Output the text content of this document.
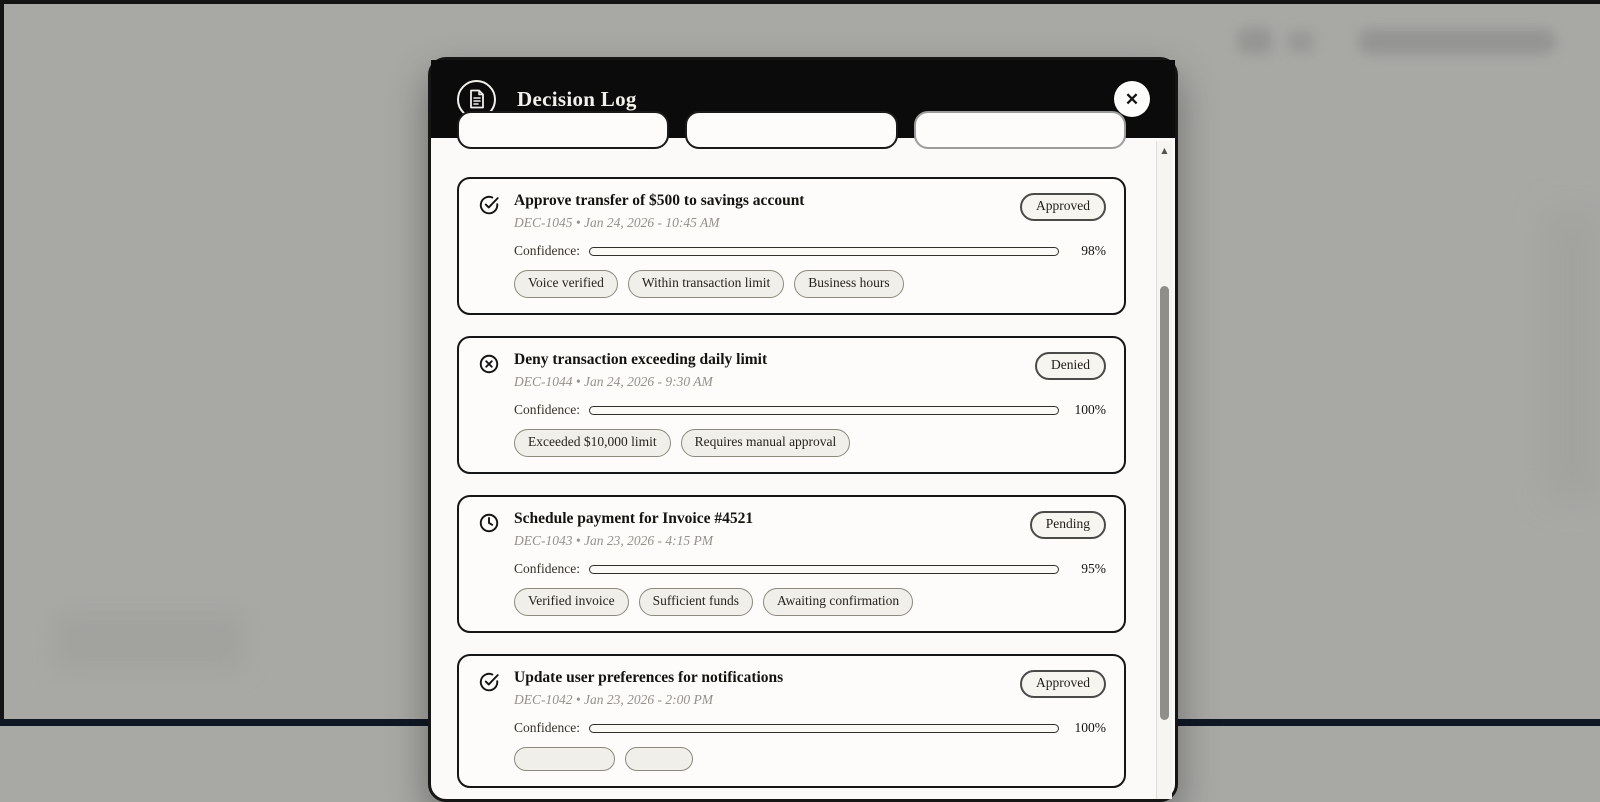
Decision Log	✕
Approve transfer of $500 to savings account
DEC-1045 • Jan 24, 2026 - 10:45 AM
Approved
Confidence:	98%
Voice verified	Within transaction limit	Business hours
Deny transaction exceeding daily limit
DEC-1044 • Jan 24, 2026 - 9:30 AM
Denied
Confidence:	100%
Exceeded $10,000 limit	Requires manual approval
Schedule payment for Invoice #4521
DEC-1043 • Jan 23, 2026 - 4:15 PM
Pending
Confidence:	95%
Verified invoice	Sufficient funds	Awaiting confirmation
Update user preferences for notifications
DEC-1042 • Jan 23, 2026 - 2:00 PM
Approved
Confidence:	100%
▲
